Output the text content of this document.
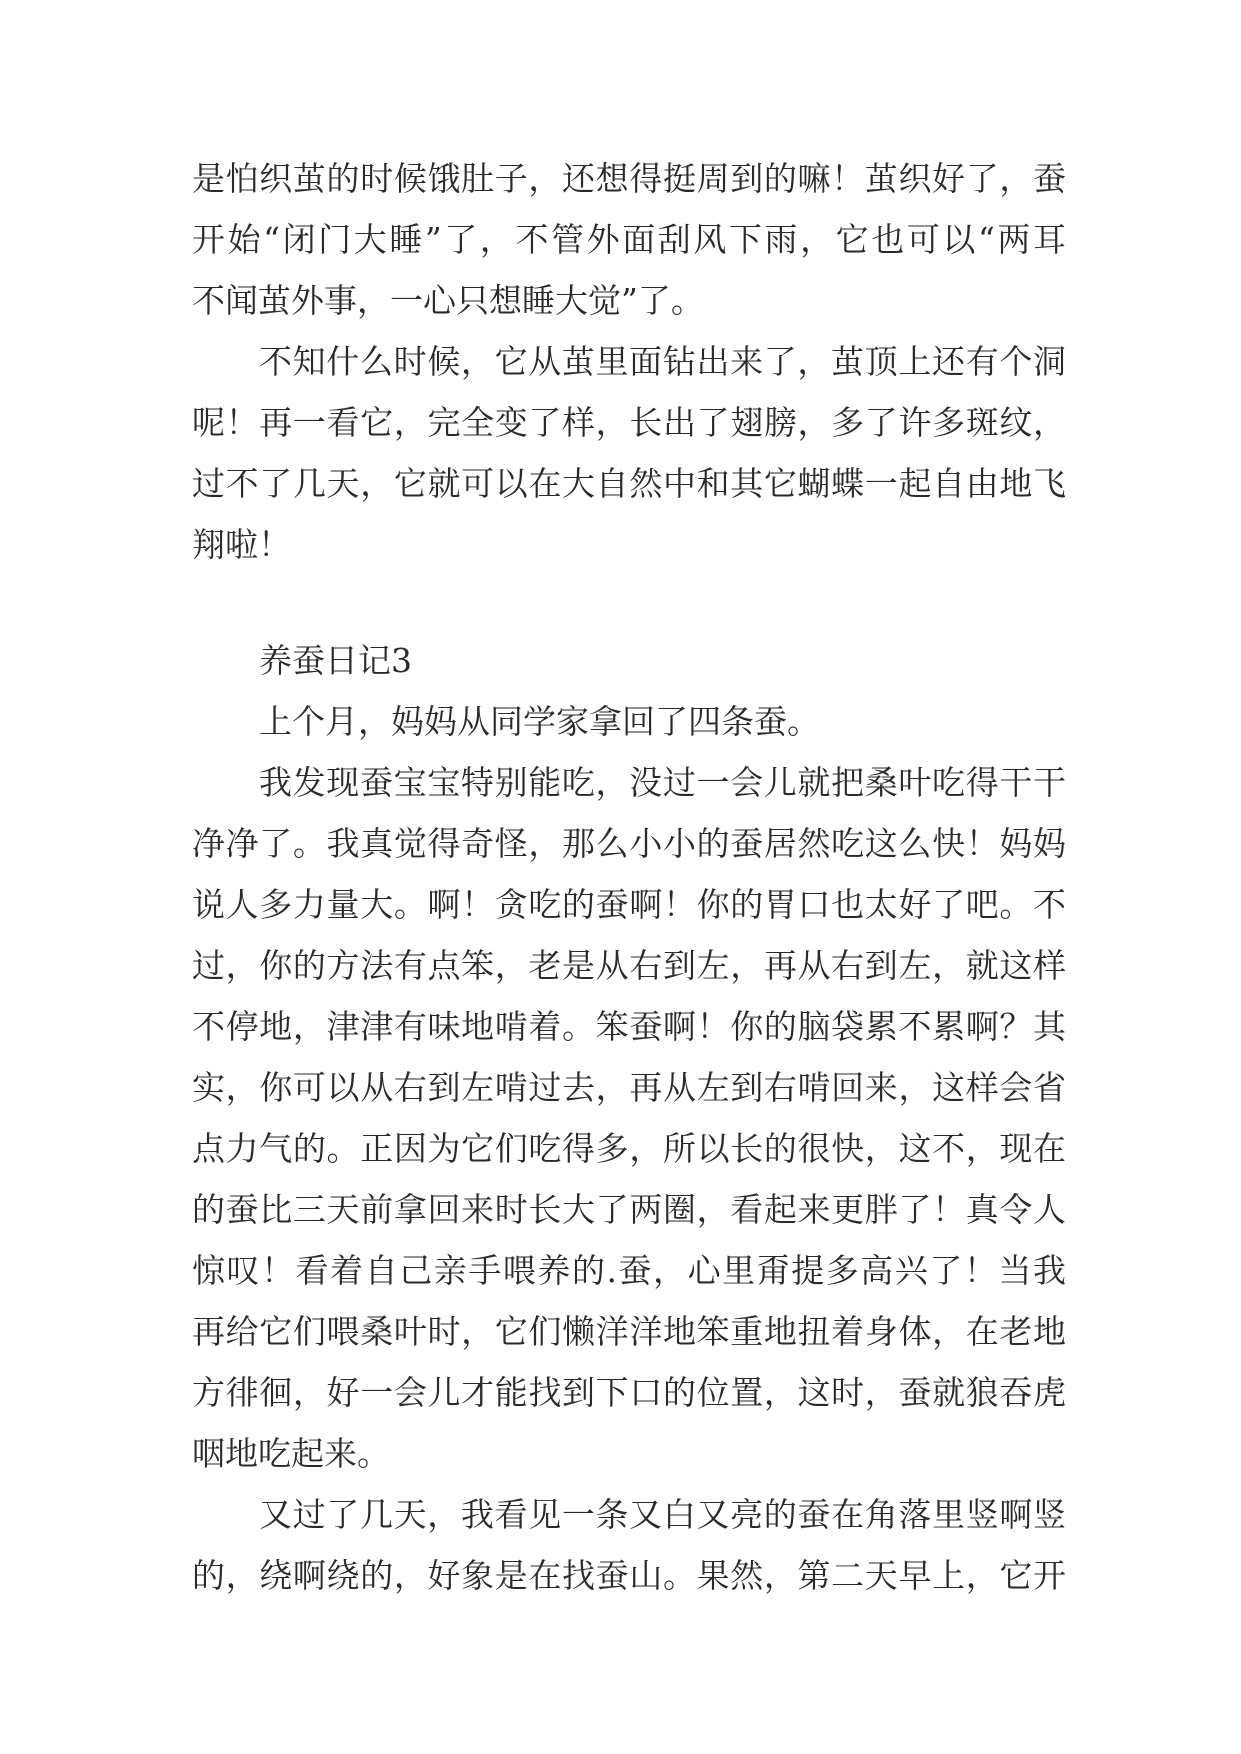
是怕织茧的时候饿肚子，还想得挺周到的嘛！茧织好了，蚕
开始“闭门大睡”了，不管外面刮风下雨，它也可以“两耳
不闻茧外事，一心只想睡大觉”了。
不知什么时候，它从茧里面钻出来了，茧顶上还有个洞
呢！再一看它，完全变了样，长出了翅膀，多了许多斑纹，
过不了几天，它就可以在大自然中和其它蝴蝶一起自由地飞
翔啦！
养蚕日记3
上个月，妈妈从同学家拿回了四条蚕。
我发现蚕宝宝特别能吃，没过一会儿就把桑叶吃得干干
净净了。我真觉得奇怪，那么小小的蚕居然吃这么快！妈妈
说人多力量大。啊！贪吃的蚕啊！你的胃口也太好了吧。不
过，你的方法有点笨，老是从右到左，再从右到左，就这样
不停地，津津有味地啃着。笨蚕啊！你的脑袋累不累啊？其
实，你可以从右到左啃过去，再从左到右啃回来，这样会省
点力气的。正因为它们吃得多，所以长的很快，这不，现在
的蚕比三天前拿回来时长大了两圈，看起来更胖了！真令人
惊叹！看着自己亲手喂养的.蚕，心里甭提多高兴了！当我
再给它们喂桑叶时，它们懒洋洋地笨重地扭着身体，在老地
方徘徊，好一会儿才能找到下口的位置，这时，蚕就狼吞虎
咽地吃起来。
又过了几天，我看见一条又白又亮的蚕在角落里竖啊竖
的，绕啊绕的，好象是在找蚕山。果然，第二天早上，它开
